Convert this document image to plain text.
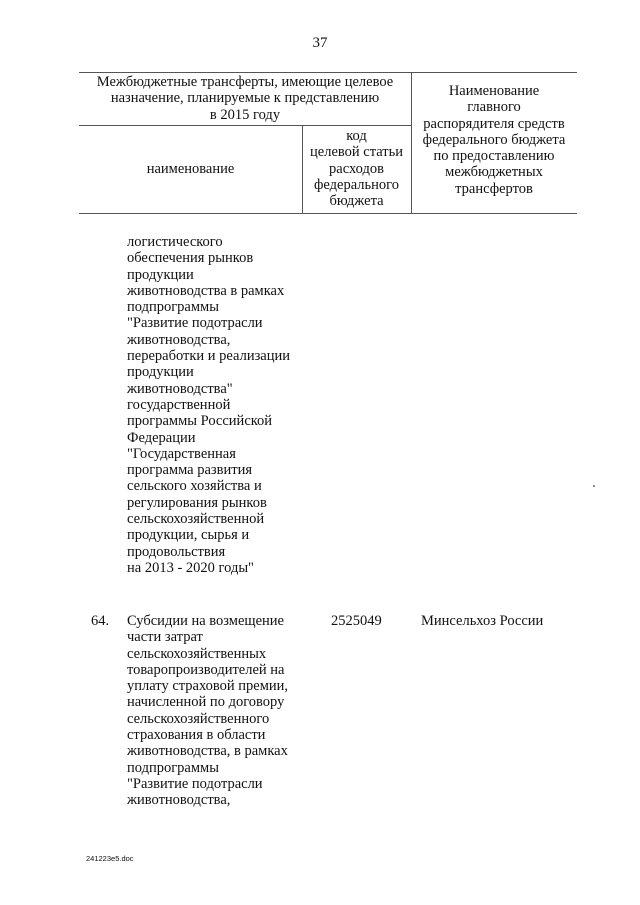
37
Межбюджетные трансферты, имеющие целевое
назначение, планируемые к представлению
в 2015 году
наименование
код
целевой статьи
расходов
федерального
бюджета
Наименование
главного
распорядителя средств
федерального бюджета
по предоставлению
межбюджетных
трансфертов
логистического
обеспечения рынков
продукции
животноводства в рамках
подпрограммы
"Развитие подотрасли
животноводства,
переработки и реализации
продукции
животноводства"
государственной
программы Российской
Федерации
"Государственная
программа развития
сельского хозяйства и
регулирования рынков
сельскохозяйственной
продукции, сырья и
продовольствия
на 2013 - 2020 годы"
64. Субсидии на возмещение
части затрат
сельскохозяйственных
товаропроизводителей на
уплату страховой премии,
начисленной по договору
сельскохозяйственного
страхования в области
животноводства, в рамках
подпрограммы
"Развитие подотрасли
животноводства,
2525049	Минсельхоз России
241223e5.doc
